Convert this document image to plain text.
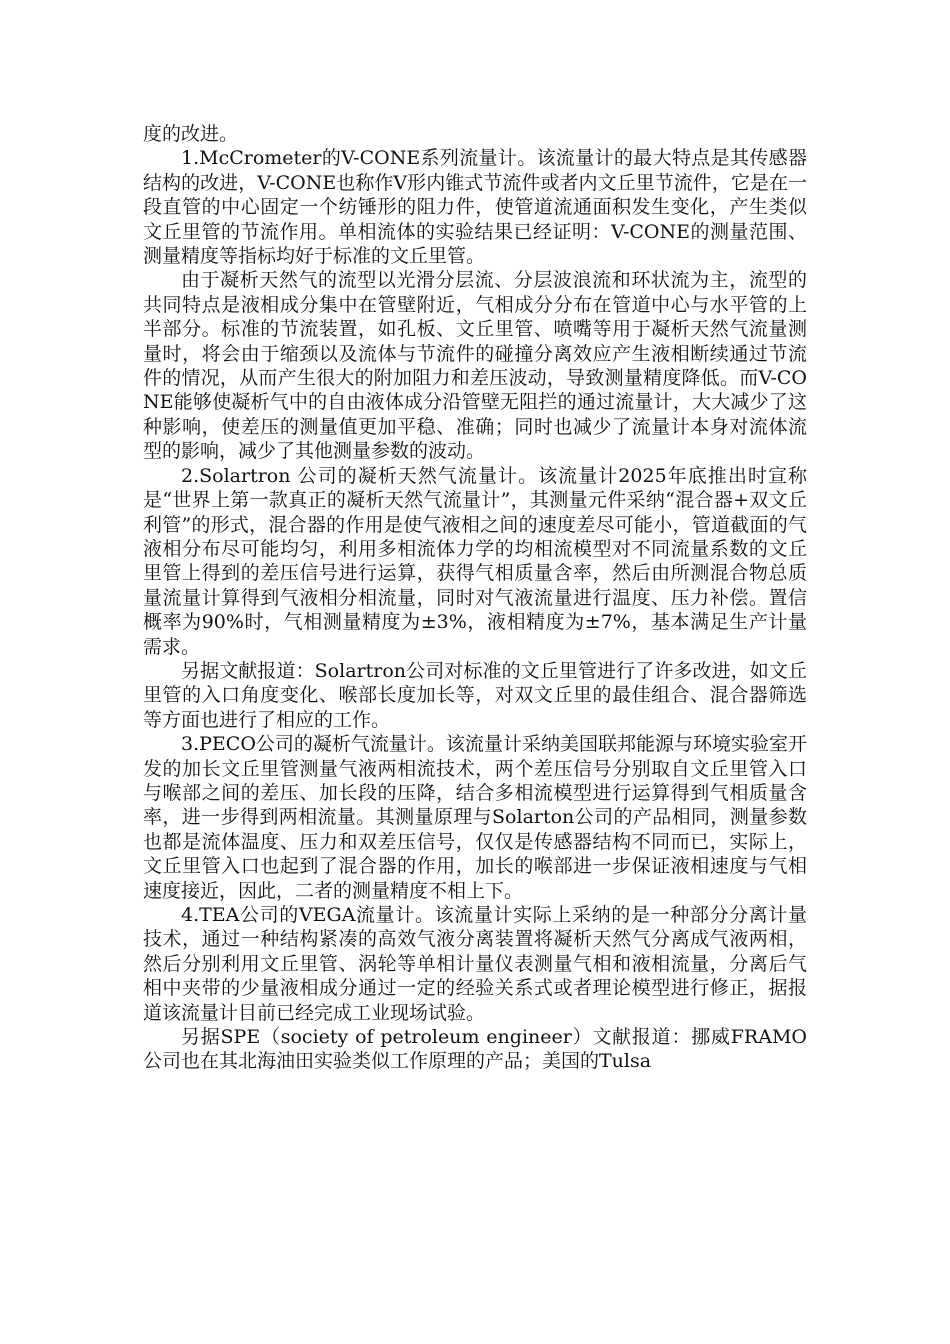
度的改进。

1.McCrometer的V-CONE系列流量计。该流量计的最大特点是其传感器结构的改进，V-CONE也称作V形内锥式节流件或者内文丘里节流件，它是在一段直管的中心固定一个纺锤形的阻力件，使管道流通面积发生变化，产生类似文丘里管的节流作用。单相流体的实验结果已经证明：V-CONE的测量范围、测量精度等指标均好于标准的文丘里管。

由于凝析天然气的流型以光滑分层流、分层波浪流和环状流为主，流型的共同特点是液相成分集中在管壁附近，气相成分分布在管道中心与水平管的上半部分。标准的节流装置，如孔板、文丘里管、喷嘴等用于凝析天然气流量测量时，将会由于缩颈以及流体与节流件的碰撞分离效应产生液相断续通过节流件的情况，从而产生很大的附加阻力和差压波动，导致测量精度降低。而V-CONE能够使凝析气中的自由液体成分沿管壁无阻拦的通过流量计，大大减少了这种影响，使差压的测量值更加平稳、准确；同时也减少了流量计本身对流体流型的影响，减少了其他测量参数的波动。

2.Solartron 公司的凝析天然气流量计。该流量计2025年底推出时宣称是“世界上第一款真正的凝析天然气流量计”，其测量元件采纳“混合器+双文丘利管”的形式，混合器的作用是使气液相之间的速度差尽可能小，管道截面的气液相分布尽可能均匀，利用多相流体力学的均相流模型对不同流量系数的文丘里管上得到的差压信号进行运算，获得气相质量含率，然后由所测混合物总质量流量计算得到气液相分相流量，同时对气液流量进行温度、压力补偿。置信概率为90%时，气相测量精度为±3%，液相精度为±7%，基本满足生产计量需求。

另据文献报道：Solartron公司对标准的文丘里管进行了许多改进，如文丘里管的入口角度变化、喉部长度加长等，对双文丘里的最佳组合、混合器筛选等方面也进行了相应的工作。

3.PECO公司的凝析气流量计。该流量计采纳美国联邦能源与环境实验室开发的加长文丘里管测量气液两相流技术，两个差压信号分别取自文丘里管入口与喉部之间的差压、加长段的压降，结合多相流模型进行运算得到气相质量含率，进一步得到两相流量。其测量原理与Solarton公司的产品相同，测量参数也都是流体温度、压力和双差压信号，仅仅是传感器结构不同而已，实际上，文丘里管入口也起到了混合器的作用，加长的喉部进一步保证液相速度与气相速度接近，因此，二者的测量精度不相上下。

4.TEA公司的VEGA流量计。该流量计实际上采纳的是一种部分分离计量技术，通过一种结构紧凑的高效气液分离装置将凝析天然气分离成气液两相，然后分别利用文丘里管、涡轮等单相计量仪表测量气相和液相流量，分离后气相中夹带的少量液相成分通过一定的经验关系式或者理论模型进行修正，据报道该流量计目前已经完成工业现场试验。

另据SPE（society of petroleum engineer）文献报道：挪威FRAMO公司也在其北海油田实验类似工作原理的产品；美国的Tulsa
